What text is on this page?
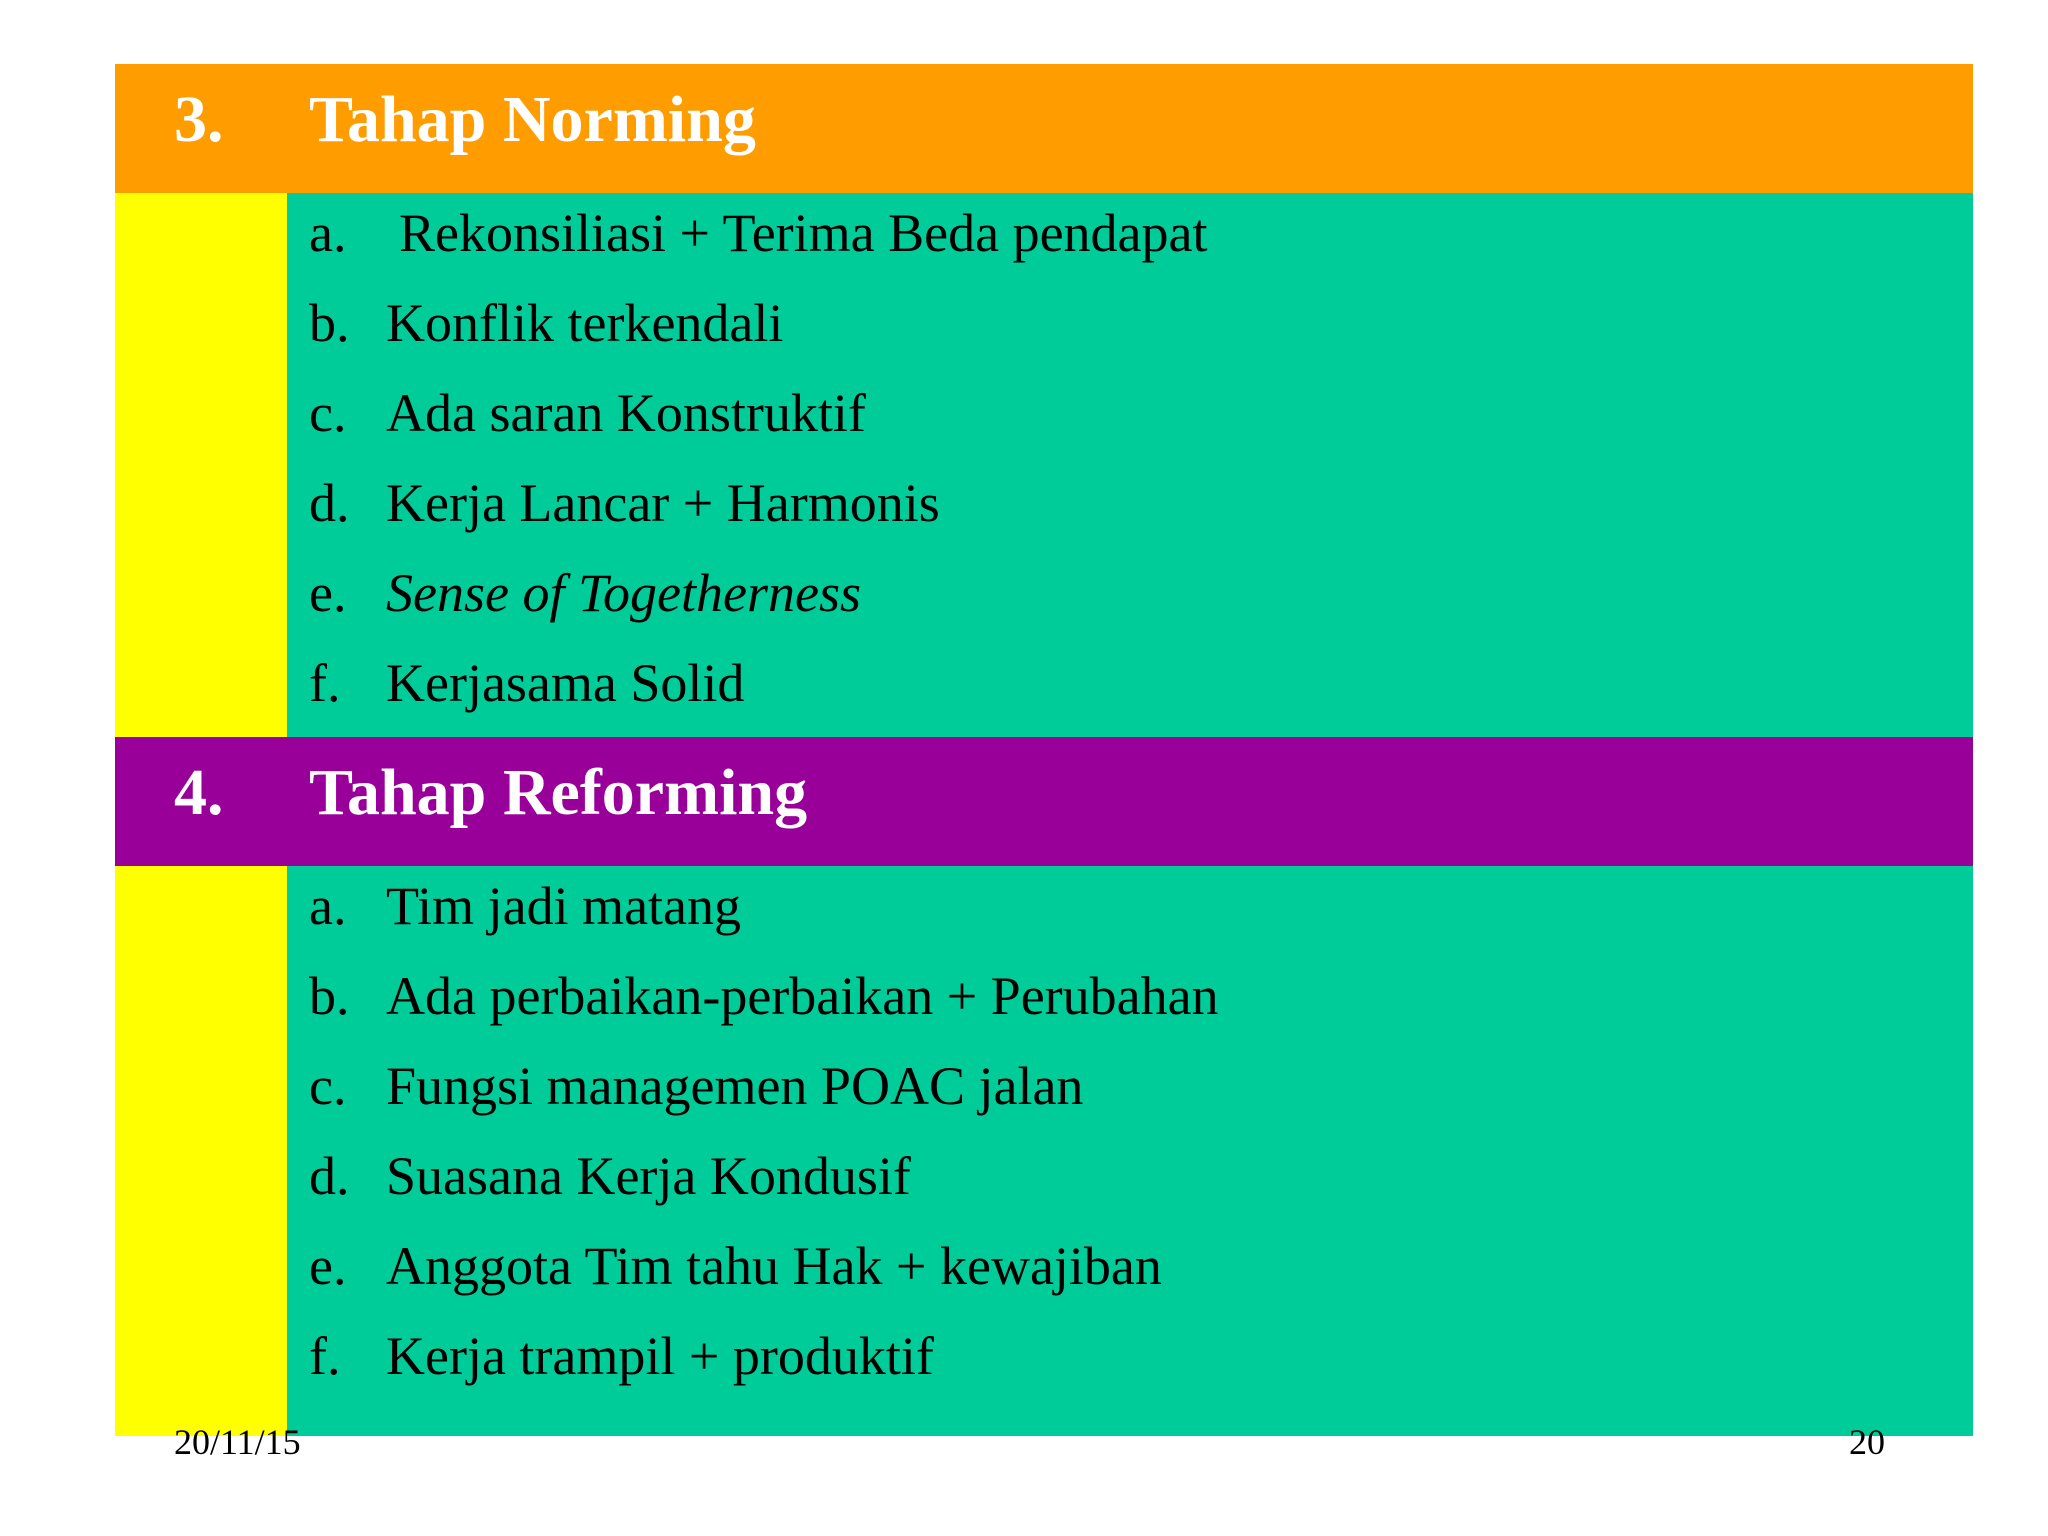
3. Tahap Norming
a. Rekonsiliasi + Terima Beda pendapat
b. Konflik terkendali
c. Ada saran Konstruktif
d. Kerja Lancar + Harmonis
e. Sense of Togetherness
f. Kerjasama Solid
4. Tahap Reforming
a. Tim jadi matang
b. Ada perbaikan-perbaikan + Perubahan
c. Fungsi managemen POAC jalan
d. Suasana Kerja Kondusif
e. Anggota Tim tahu Hak + kewajiban
f. Kerja trampil + produktif
20/11/15	20
